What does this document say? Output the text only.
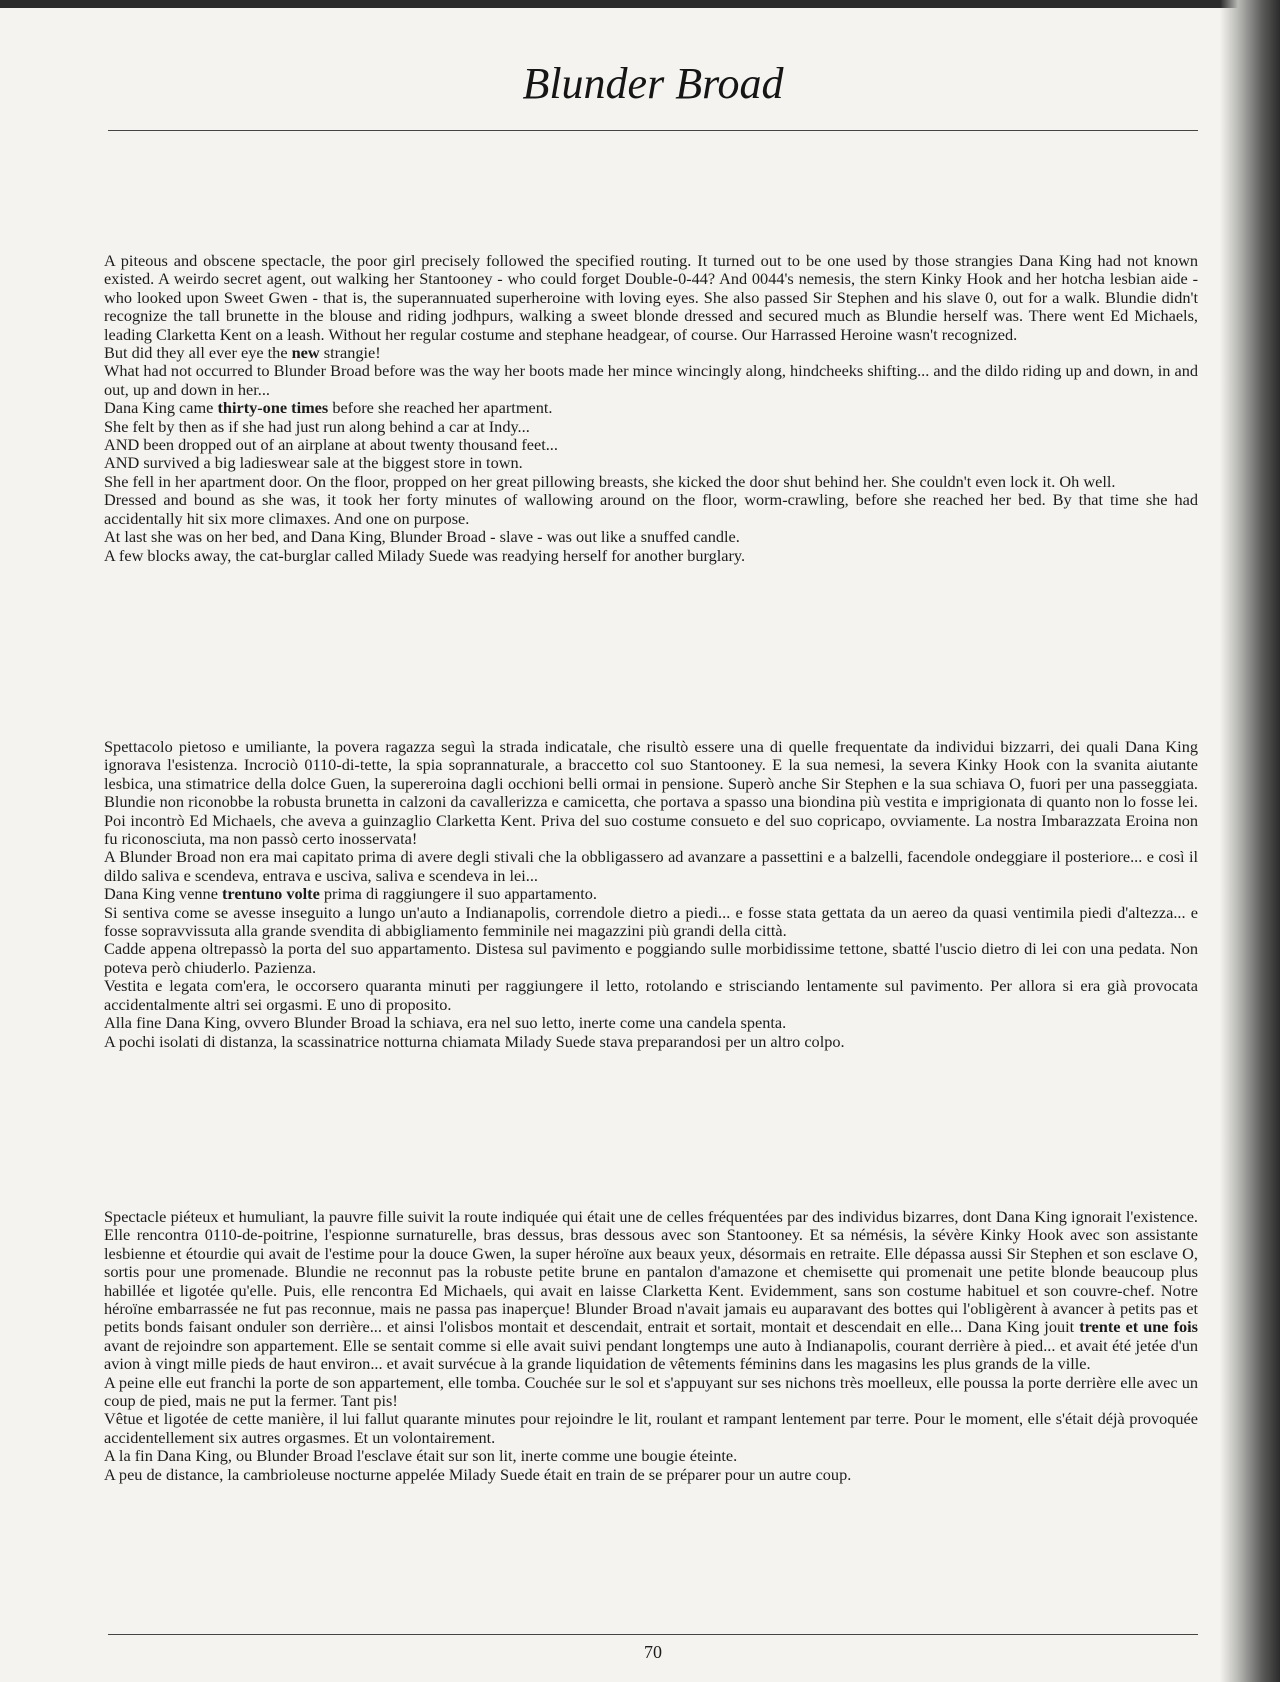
Blunder Broad

A piteous and obscene spectacle, the poor girl precisely followed the specified routing. It turned out to be one used by those strangies Dana King had not known existed. A weirdo secret agent, out walking her Stantooney - who could forget Double-0-44? And 0044's nemesis, the stern Kinky Hook and her hotcha lesbian aide - who looked upon Sweet Gwen - that is, the superannuated superheroine with loving eyes. She also passed Sir Stephen and his slave 0, out for a walk. Blundie didn't recognize the tall brunette in the blouse and riding jodhpurs, walking a sweet blonde dressed and secured much as Blundie herself was. There went Ed Michaels, leading Clarketta Kent on a leash. Without her regular costume and stephane headgear, of course. Our Harrassed Heroine wasn't recognized.

But did they all ever eye the new strangie!

What had not occurred to Blunder Broad before was the way her boots made her mince wincingly along, hindcheeks shifting... and the dildo riding up and down, in and out, up and down in her...

Dana King came thirty-one times before she reached her apartment.

She felt by then as if she had just run along behind a car at Indy...

AND been dropped out of an airplane at about twenty thousand feet...

AND survived a big ladieswear sale at the biggest store in town.

She fell in her apartment door. On the floor, propped on her great pillowing breasts, she kicked the door shut behind her. She couldn't even lock it. Oh well.

Dressed and bound as she was, it took her forty minutes of wallowing around on the floor, worm-crawling, before she reached her bed. By that time she had accidentally hit six more climaxes. And one on purpose.

At last she was on her bed, and Dana King, Blunder Broad - slave - was out like a snuffed candle.

A few blocks away, the cat-burglar called Milady Suede was readying herself for another burglary.

Spettacolo pietoso e umiliante, la povera ragazza seguì la strada indicatale, che risultò essere una di quelle frequentate da individui bizzarri, dei quali Dana King ignorava l'esistenza. Incrociò 0110-di-tette, la spia soprannaturale, a braccetto col suo Stantooney. E la sua nemesi, la severa Kinky Hook con la svanita aiutante lesbica, una stimatrice della dolce Guen, la supereroina dagli occhioni belli ormai in pensione. Superò anche Sir Stephen e la sua schiava O, fuori per una passeggiata. Blundie non riconobbe la robusta brunetta in calzoni da cavallerizza e camicetta, che portava a spasso una biondina più vestita e imprigionata di quanto non lo fosse lei. Poi incontrò Ed Michaels, che aveva a guinzaglio Clarketta Kent. Priva del suo costume consueto e del suo copricapo, ovviamente. La nostra Imbarazzata Eroina non fu riconosciuta, ma non passò certo inosservata!

A Blunder Broad non era mai capitato prima di avere degli stivali che la obbligassero ad avanzare a passettini e a balzelli, facendole ondeggiare il posteriore... e così il dildo saliva e scendeva, entrava e usciva, saliva e scendeva in lei...

Dana King venne trentuno volte prima di raggiungere il suo appartamento.

Si sentiva come se avesse inseguito a lungo un'auto a Indianapolis, correndole dietro a piedi... e fosse stata gettata da un aereo da quasi ventimila piedi d'altezza... e fosse sopravvissuta alla grande svendita di abbigliamento femminile nei magazzini più grandi della città.

Cadde appena oltrepassò la porta del suo appartamento. Distesa sul pavimento e poggiando sulle morbidissime tettone, sbatté l'uscio dietro di lei con una pedata. Non poteva però chiuderlo. Pazienza.

Vestita e legata com'era, le occorsero quaranta minuti per raggiungere il letto, rotolando e strisciando lentamente sul pavimento. Per allora si era già provocata accidentalmente altri sei orgasmi. E uno di proposito.

Alla fine Dana King, ovvero Blunder Broad la schiava, era nel suo letto, inerte come una candela spenta.

A pochi isolati di distanza, la scassinatrice notturna chiamata Milady Suede stava preparandosi per un altro colpo.

Spectacle piéteux et humuliant, la pauvre fille suivit la route indiquée qui était une de celles fréquentées par des individus bizarres, dont Dana King ignorait l'existence. Elle rencontra 0110-de-poitrine, l'espionne surnaturelle, bras dessus, bras dessous avec son Stantooney. Et sa némésis, la sévère Kinky Hook avec son assistante lesbienne et étourdie qui avait de l'estime pour la douce Gwen, la super héroïne aux beaux yeux, désormais en retraite. Elle dépassa aussi Sir Stephen et son esclave O, sortis pour une promenade. Blundie ne reconnut pas la robuste petite brune en pantalon d'amazone et chemisette qui promenait une petite blonde beaucoup plus habillée et ligotée qu'elle. Puis, elle rencontra Ed Michaels, qui avait en laisse Clarketta Kent. Evidemment, sans son costume habituel et son couvre-chef. Notre héroïne embarrassée ne fut pas reconnue, mais ne passa pas inaperçue! Blunder Broad n'avait jamais eu auparavant des bottes qui l'obligèrent à avancer à petits pas et petits bonds faisant onduler son derrière... et ainsi l'olisbos montait et descendait, entrait et sortait, montait et descendait en elle... Dana King jouit trente et une fois avant de rejoindre son appartement. Elle se sentait comme si elle avait suivi pendant longtemps une auto à Indianapolis, courant derrière à pied... et avait été jetée d'un avion à vingt mille pieds de haut environ... et avait survécue à la grande liquidation de vêtements féminins dans les magasins les plus grands de la ville.

A peine elle eut franchi la porte de son appartement, elle tomba. Couchée sur le sol et s'appuyant sur ses nichons très moelleux, elle poussa la porte derrière elle avec un coup de pied, mais ne put la fermer. Tant pis!

Vêtue et ligotée de cette manière, il lui fallut quarante minutes pour rejoindre le lit, roulant et rampant lentement par terre. Pour le moment, elle s'était déjà provoquée accidentellement six autres orgasmes. Et un volontairement.

A la fin Dana King, ou Blunder Broad l'esclave était sur son lit, inerte comme une bougie éteinte.

A peu de distance, la cambrioleuse nocturne appelée Milady Suede était en train de se préparer pour un autre coup.

70
